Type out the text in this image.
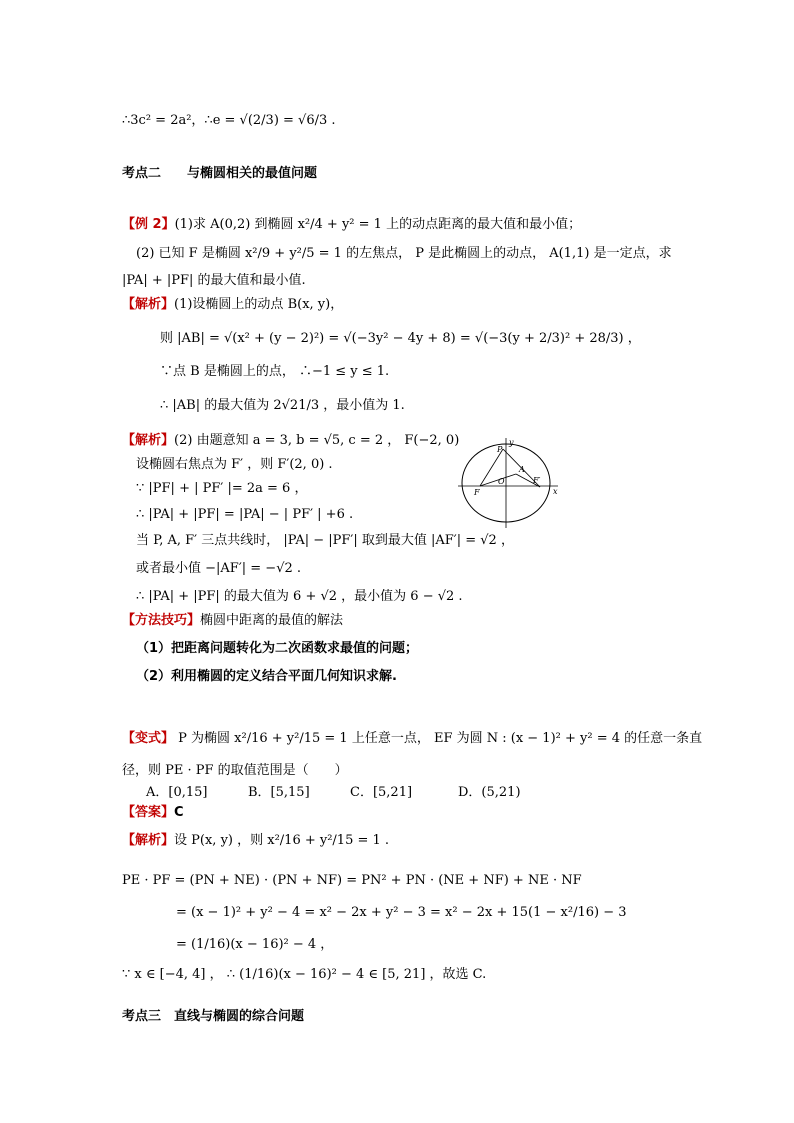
∴3c² = 2a²，∴e = √(2/3) = √6/3 .
考点二　　与椭圆相关的最值问题
【例 2】(1)求 A(0,2) 到椭圆 x²/4 + y² = 1 上的动点距离的最大值和最小值；
(2) 已知 F 是椭圆 x²/9 + y²/5 = 1 的左焦点， P 是此椭圆上的动点， A(1,1) 是一定点，求
|PA| + |PF| 的最大值和最小值.
【解析】(1)设椭圆上的动点 B(x, y)，
则 |AB| = √(x² + (y − 2)²) = √(−3y² − 4y + 8) = √(−3(y + 2/3)² + 28/3) ，
∵点 B 是椭圆上的点， ∴−1 ≤ y ≤ 1.
∴ |AB| 的最大值为 2√21/3 ，最小值为 1.
【解析】(2) 由题意知 a = 3, b = √5, c = 2 ， F(−2, 0)
设椭圆右焦点为 F′ ，则 F′(2, 0) .
∵ |PF| + | PF′ |= 2a = 6 ，
∴ |PA| + |PF| = |PA| − | PF′ | +6 .
当 P, A, F′ 三点共线时， |PA| − |PF′| 取到最大值 |AF′| = √2 ，
或者最小值 −|AF′| = −√2 .
∴ |PA| + |PF| 的最大值为 6 + √2 ，最小值为 6 − √2 .
y
x
P
A
O
F
F′
【方法技巧】椭圆中距离的最值的解法
（1）把距离问题转化为二次函数求最值的问题；
（2）利用椭圆的定义结合平面几何知识求解.
【变式】 P 为椭圆 x²/16 + y²/15 = 1 上任意一点， EF 为圆 N : (x − 1)² + y² = 4 的任意一条直
径，则 PE · PF 的取值范围是（　　）
A．[0,15]	B．[5,15]	C．[5,21]	D．(5,21)
【答案】C
【解析】设 P(x, y) ，则 x²/16 + y²/15 = 1 .
PE · PF = (PN + NE) · (PN + NF) = PN² + PN · (NE + NF) + NE · NF
= (x − 1)² + y² − 4 = x² − 2x + y² − 3 = x² − 2x + 15(1 − x²/16) − 3
= (1/16)(x − 16)² − 4 ，
∵ x ∈ [−4, 4] ， ∴ (1/16)(x − 16)² − 4 ∈ [5, 21] ，故选 C.
考点三　直线与椭圆的综合问题
